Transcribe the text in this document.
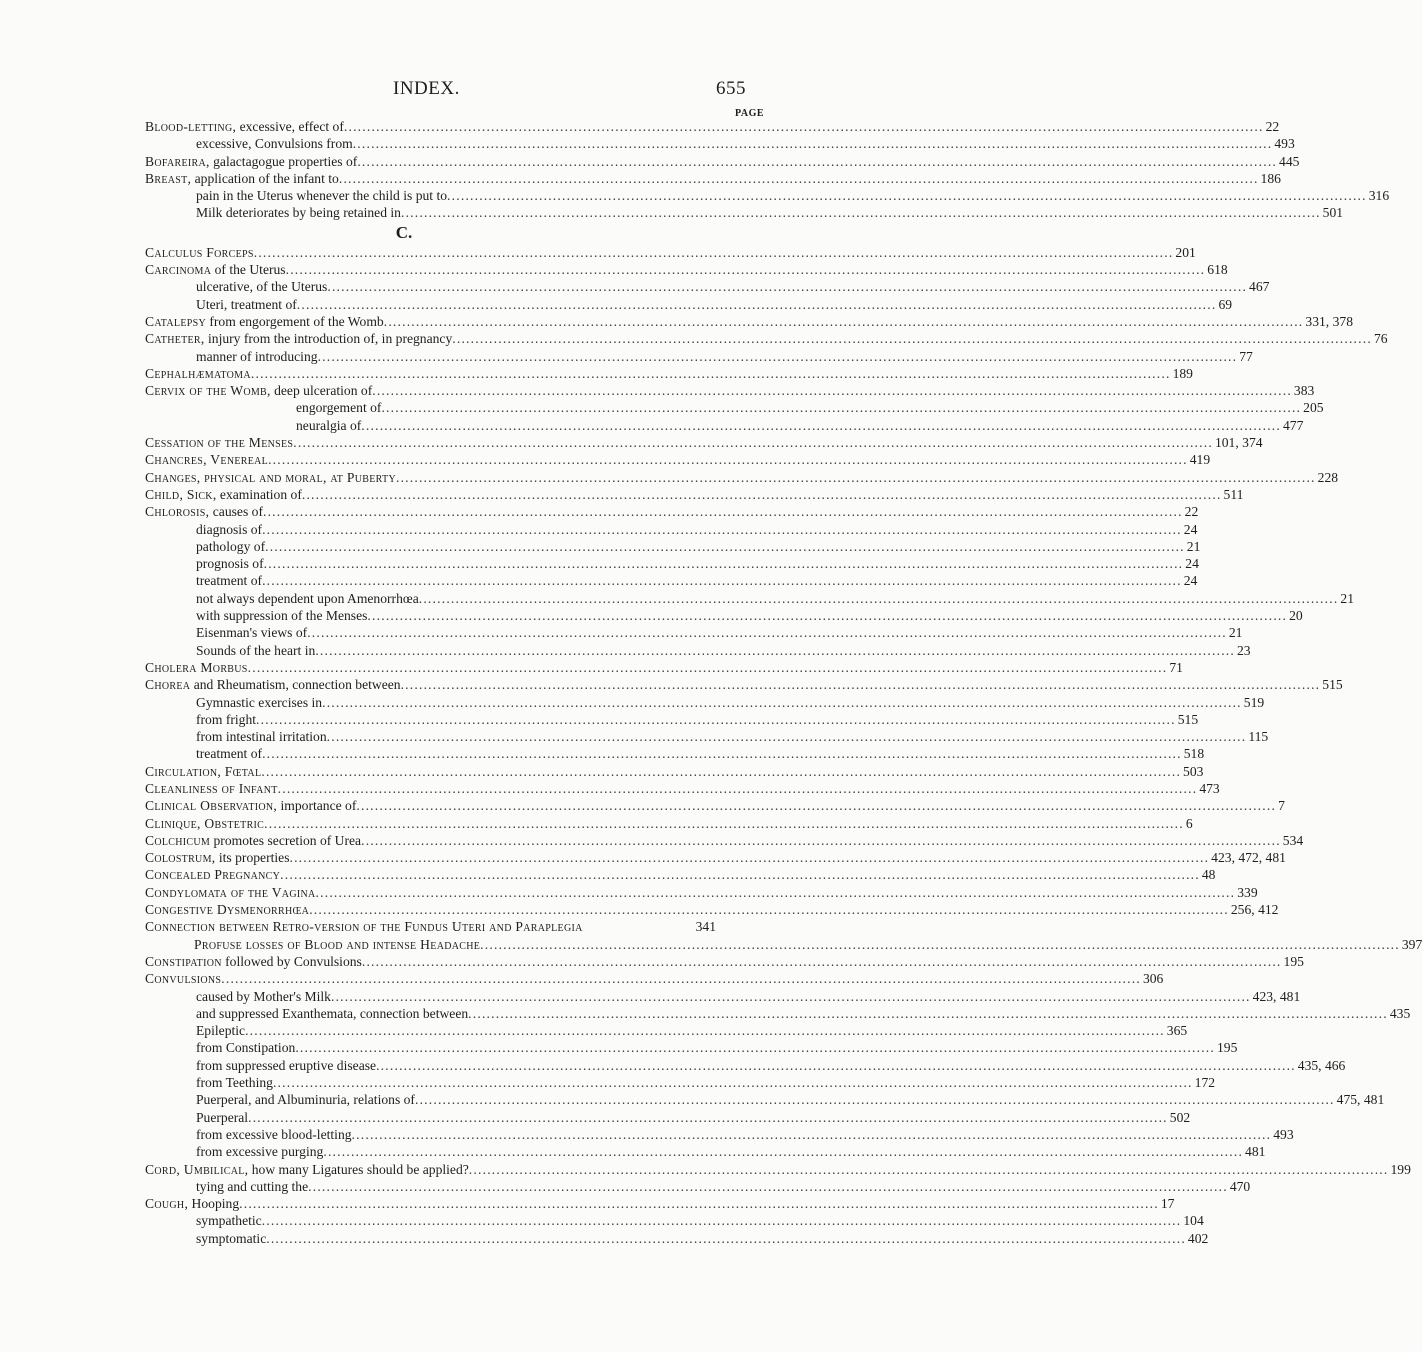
INDEX.	655
PAGE
Blood-letting, excessive, effect of ........................................................................................................................................................................................................ 22
excessive, Convulsions from ........................................................................................................................................................................................................ 493
Bofareira, galactagogue properties of ........................................................................................................................................................................................................ 445
Breast, application of the infant to ........................................................................................................................................................................................................ 186
pain in the Uterus whenever the child is put to ........................................................................................................................................................................................................ 316
Milk deteriorates by being retained in ........................................................................................................................................................................................................ 501
C.
Calculus Forceps ........................................................................................................................................................................................................ 201
Carcinoma of the Uterus ........................................................................................................................................................................................................ 618
ulcerative, of the Uterus ........................................................................................................................................................................................................ 467
Uteri, treatment of ........................................................................................................................................................................................................ 69
Catalepsy from engorgement of the Womb ........................................................................................................................................................................................................ 331, 378
Catheter, injury from the introduction of, in pregnancy ........................................................................................................................................................................................................ 76
manner of introducing ........................................................................................................................................................................................................ 77
Cephalhæmatoma ........................................................................................................................................................................................................ 189
Cervix of the Womb, deep ulceration of ........................................................................................................................................................................................................ 383
engorgement of ........................................................................................................................................................................................................ 205
neuralgia of ........................................................................................................................................................................................................ 477
Cessation of the Menses ........................................................................................................................................................................................................ 101, 374
Chancres, Venereal ........................................................................................................................................................................................................ 419
Changes, physical and moral, at Puberty ........................................................................................................................................................................................................ 228
Child, Sick, examination of ........................................................................................................................................................................................................ 511
Chlorosis, causes of ........................................................................................................................................................................................................ 22
diagnosis of ........................................................................................................................................................................................................ 24
pathology of ........................................................................................................................................................................................................ 21
prognosis of ........................................................................................................................................................................................................ 24
treatment of ........................................................................................................................................................................................................ 24
not always dependent upon Amenorrhœa ........................................................................................................................................................................................................ 21
with suppression of the Menses ........................................................................................................................................................................................................ 20
Eisenman's views of ........................................................................................................................................................................................................ 21
Sounds of the heart in ........................................................................................................................................................................................................ 23
Cholera Morbus ........................................................................................................................................................................................................ 71
Chorea and Rheumatism, connection between ........................................................................................................................................................................................................ 515
Gymnastic exercises in ........................................................................................................................................................................................................ 519
from fright ........................................................................................................................................................................................................ 515
from intestinal irritation ........................................................................................................................................................................................................ 115
treatment of ........................................................................................................................................................................................................ 518
Circulation, Fœtal ........................................................................................................................................................................................................ 503
Cleanliness of Infant ........................................................................................................................................................................................................ 473
Clinical Observation, importance of ........................................................................................................................................................................................................ 7
Clinique, Obstetric ........................................................................................................................................................................................................ 6
Colchicum promotes secretion of Urea ........................................................................................................................................................................................................ 534
Colostrum, its properties ........................................................................................................................................................................................................ 423, 472, 481
Concealed Pregnancy ........................................................................................................................................................................................................ 48
Condylomata of the Vagina ........................................................................................................................................................................................................ 339
Congestive Dysmenorrhœa ........................................................................................................................................................................................................ 256, 412
Connection between Retro-version of the Fundus Uteri and Paraplegia	341
Profuse losses of Blood and intense Headache ........................................................................................................................................................................................................ 397
Constipation followed by Convulsions ........................................................................................................................................................................................................ 195
Convulsions ........................................................................................................................................................................................................ 306
caused by Mother's Milk ........................................................................................................................................................................................................ 423, 481
and suppressed Exanthemata, connection between ........................................................................................................................................................................................................ 435
Epileptic ........................................................................................................................................................................................................ 365
from Constipation ........................................................................................................................................................................................................ 195
from suppressed eruptive disease ........................................................................................................................................................................................................ 435, 466
from Teething ........................................................................................................................................................................................................ 172
Puerperal, and Albuminuria, relations of ........................................................................................................................................................................................................ 475, 481
Puerperal ........................................................................................................................................................................................................ 502
from excessive blood-letting ........................................................................................................................................................................................................ 493
from excessive purging ........................................................................................................................................................................................................ 481
Cord, Umbilical, how many Ligatures should be applied? ........................................................................................................................................................................................................ 199
tying and cutting the ........................................................................................................................................................................................................ 470
Cough, Hooping ........................................................................................................................................................................................................ 17
sympathetic ........................................................................................................................................................................................................ 104
symptomatic ........................................................................................................................................................................................................ 402
